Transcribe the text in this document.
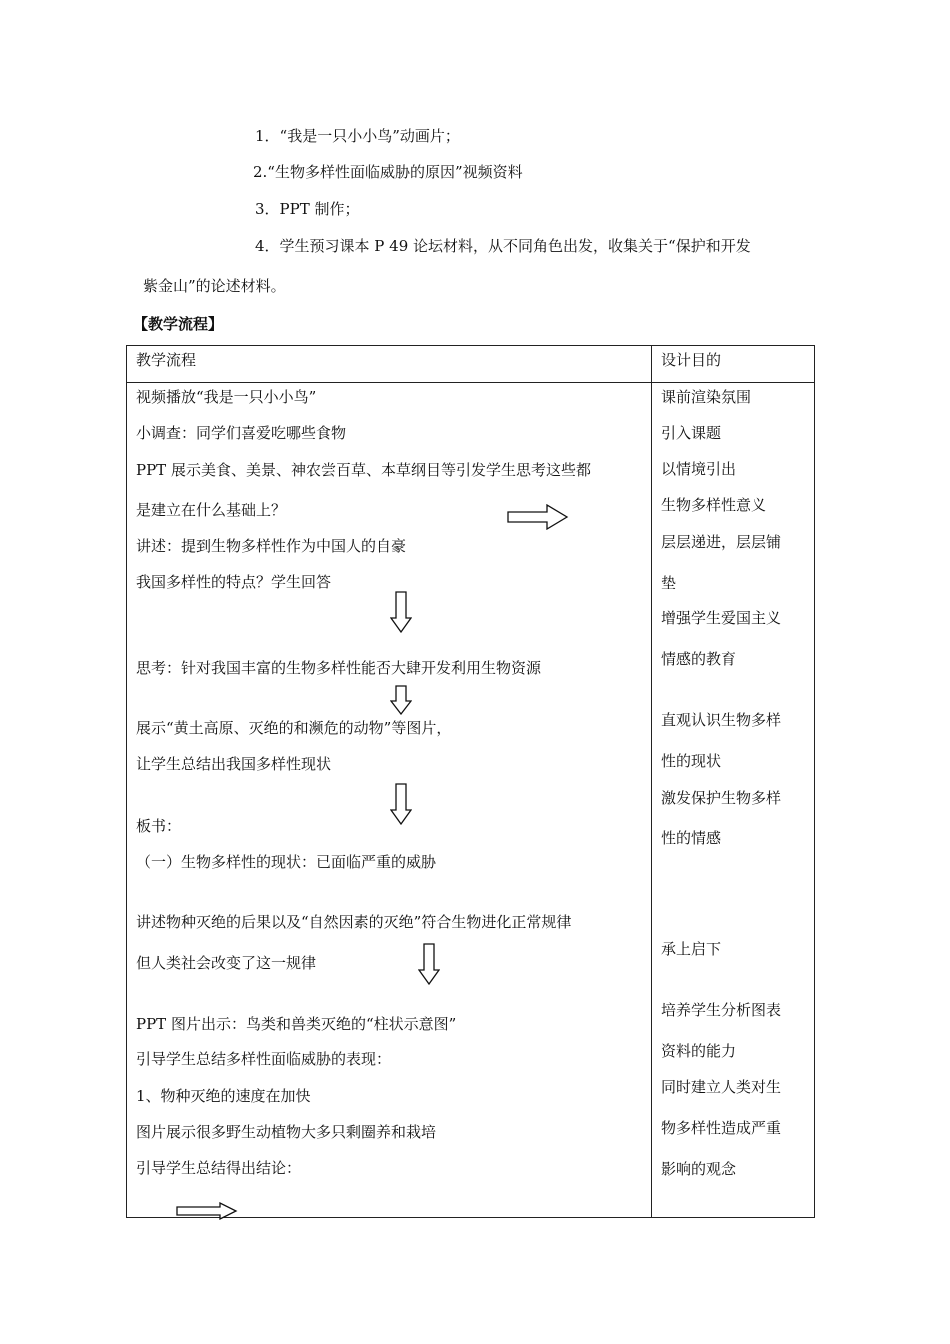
1．“我是一只小小鸟”动画片；
2.“生物多样性面临威胁的原因”视频资料
3．PPT 制作；
4．学生预习课本 P 49 论坛材料，从不同角色出发，收集关于“保护和开发
紫金山”的论述材料。
【教学流程】
教学流程	设计目的
视频播放“我是一只小小鸟”
小调查：同学们喜爱吃哪些食物
PPT 展示美食、美景、神农尝百草、本草纲目等引发学生思考这些都
是建立在什么基础上？
讲述：提到生物多样性作为中国人的自豪
我国多样性的特点？学生回答
思考：针对我国丰富的生物多样性能否大肆开发利用生物资源
展示“黄土高原、灭绝的和濒危的动物”等图片，
让学生总结出我国多样性现状
板书：
（一）生物多样性的现状：已面临严重的威胁
讲述物种灭绝的后果以及“自然因素的灭绝”符合生物进化正常规律
但人类社会改变了这一规律
PPT 图片出示：鸟类和兽类灭绝的“柱状示意图”
引导学生总结多样性面临威胁的表现：
1、物种灭绝的速度在加快
图片展示很多野生动植物大多只剩圈养和栽培
引导学生总结得出结论：
课前渲染氛围
引入课题
以情境引出
生物多样性意义
层层递进，层层铺
垫
增强学生爱国主义
情感的教育
直观认识生物多样
性的现状
激发保护生物多样
性的情感
承上启下
培养学生分析图表
资料的能力
同时建立人类对生
物多样性造成严重
影响的观念
